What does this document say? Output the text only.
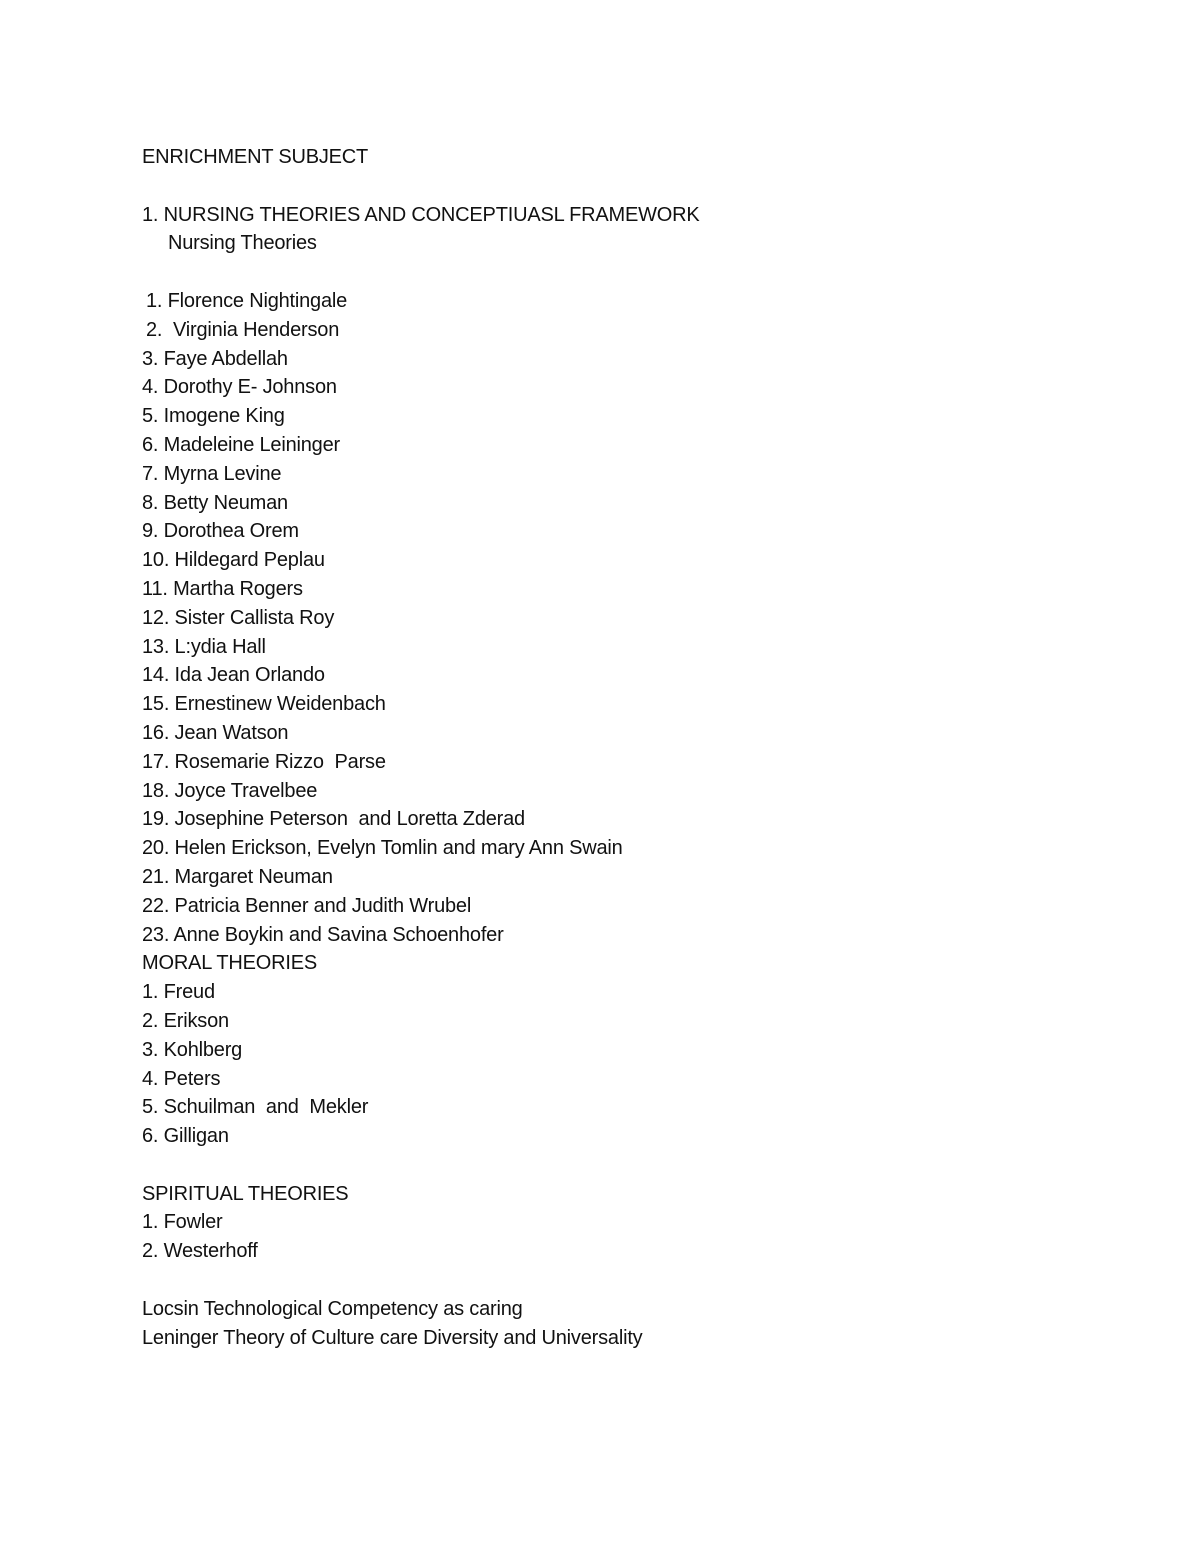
ENRICHMENT SUBJECT
1. NURSING THEORIES AND CONCEPTIUASL FRAMEWORK
Nursing Theories
1. Florence Nightingale
2.  Virginia Henderson
3. Faye Abdellah
4. Dorothy E- Johnson
5. Imogene King
6. Madeleine Leininger
7. Myrna Levine
8. Betty Neuman
9. Dorothea Orem
10. Hildegard Peplau
11. Martha Rogers
12. Sister Callista Roy
13. L:ydia Hall
14. Ida Jean Orlando
15. Ernestinew Weidenbach
16. Jean Watson
17. Rosemarie Rizzo  Parse
18. Joyce Travelbee
19. Josephine Peterson  and Loretta Zderad
20. Helen Erickson, Evelyn Tomlin and mary Ann Swain
21. Margaret Neuman
22. Patricia Benner and Judith Wrubel
23. Anne Boykin and Savina Schoenhofer
MORAL THEORIES
1. Freud
2. Erikson
3. Kohlberg
4. Peters
5. Schuilman  and  Mekler
6. Gilligan
SPIRITUAL THEORIES
1. Fowler
2. Westerhoff
Locsin Technological Competency as caring
Leninger Theory of Culture care Diversity and Universality
